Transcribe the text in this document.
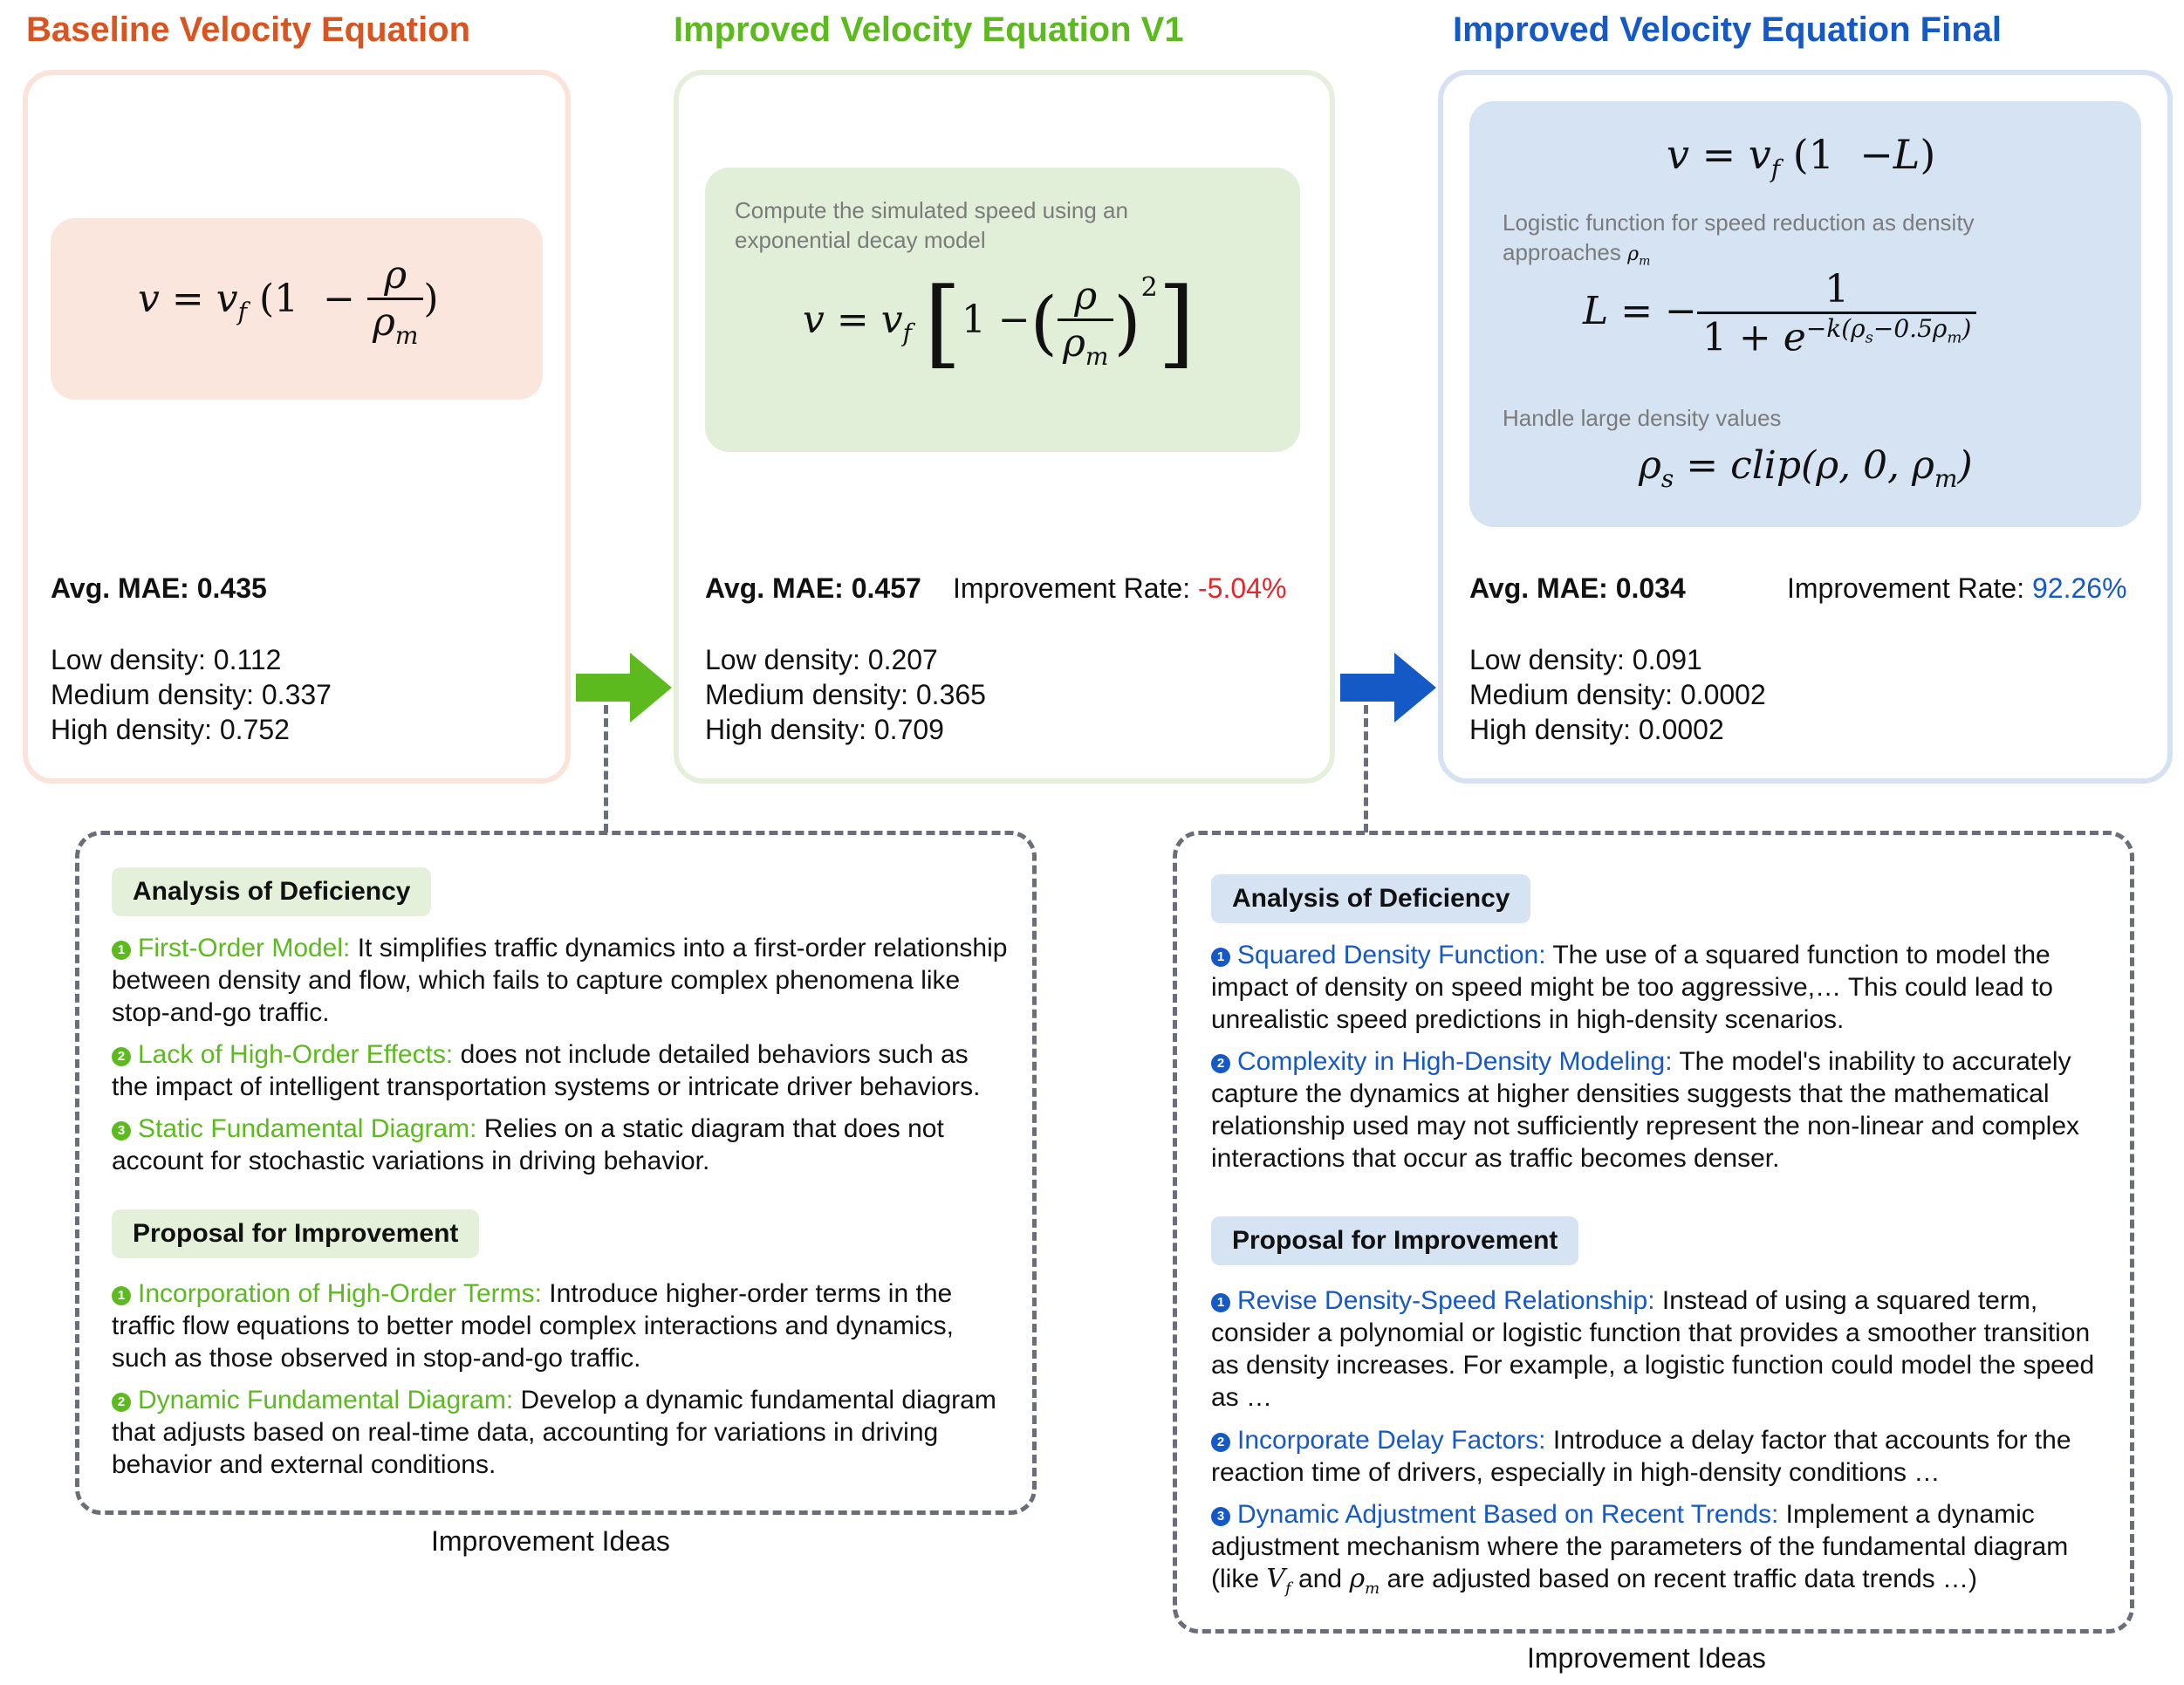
Baseline Velocity Equation	Improved Velocity Equation V1	Improved Velocity Equation Final
$v = v_f$ ($1 - \frac{\rho}{\rho_m}$ )
Avg. MAE: 0.435
Low density: 0.112
Medium density: 0.337
High density: 0.752
Compute the simulated speed using an exponential decay model
$v = v_f$ [1 −( $\frac{\rho}{\rho_m} )^2$]
Avg. MAE: 0.457 Improvement Rate: -5.04%
Low density: 0.207
Medium density: 0.365
High density: 0.709
$v = v_f$ (1  −L)
Logistic function for speed reduction as density approaches $\rho_m$
L = − $\frac{1}{1 + e^{-k(\rho_s-0.5\rho_m)}}$
Handle large density values
$\rho_s$ = clip(ρ, 0, $\rho_m$)
Avg. MAE: 0.034	Improvement Rate: 92.26%
Low density: 0.091
Medium density: 0.0002
High density: 0.0002
Analysis of Deficiency
1 First-Order Model: It simplifies traffic dynamics into a first-order relationship between density and flow, which fails to capture complex phenomena like stop-and-go traffic.
2 Lack of High-Order Effects: does not include detailed behaviors such as the impact of intelligent transportation systems or intricate driver behaviors.
3 Static Fundamental Diagram: Relies on a static diagram that does not account for stochastic variations in driving behavior.
Proposal for Improvement
1 Incorporation of High-Order Terms: Introduce higher-order terms in the traffic flow equations to better model complex interactions and dynamics, such as those observed in stop-and-go traffic.
2 Dynamic Fundamental Diagram: Develop a dynamic fundamental diagram that adjusts based on real-time data, accounting for variations in driving behavior and external conditions.
Improvement Ideas
Analysis of Deficiency
1 Squared Density Function: The use of a squared function to model the impact of density on speed might be too aggressive,… This could lead to unrealistic speed predictions in high-density scenarios.
2 Complexity in High-Density Modeling: The model's inability to accurately capture the dynamics at higher densities suggests that the mathematical relationship used may not sufficiently represent the non-linear and complex interactions that occur as traffic becomes denser.
Proposal for Improvement
1 Revise Density-Speed Relationship: Instead of using a squared term, consider a polynomial or logistic function that provides a smoother transition as density increases. For example, a logistic function could model the speed as …
2 Incorporate Delay Factors: Introduce a delay factor that accounts for the reaction time of drivers, especially in high-density conditions …
3 Dynamic Adjustment Based on Recent Trends: Implement a dynamic adjustment mechanism where the parameters of the fundamental diagram (like $V_f$ and $\rho_m$ are adjusted based on recent traffic data trends …)
Improvement Ideas
